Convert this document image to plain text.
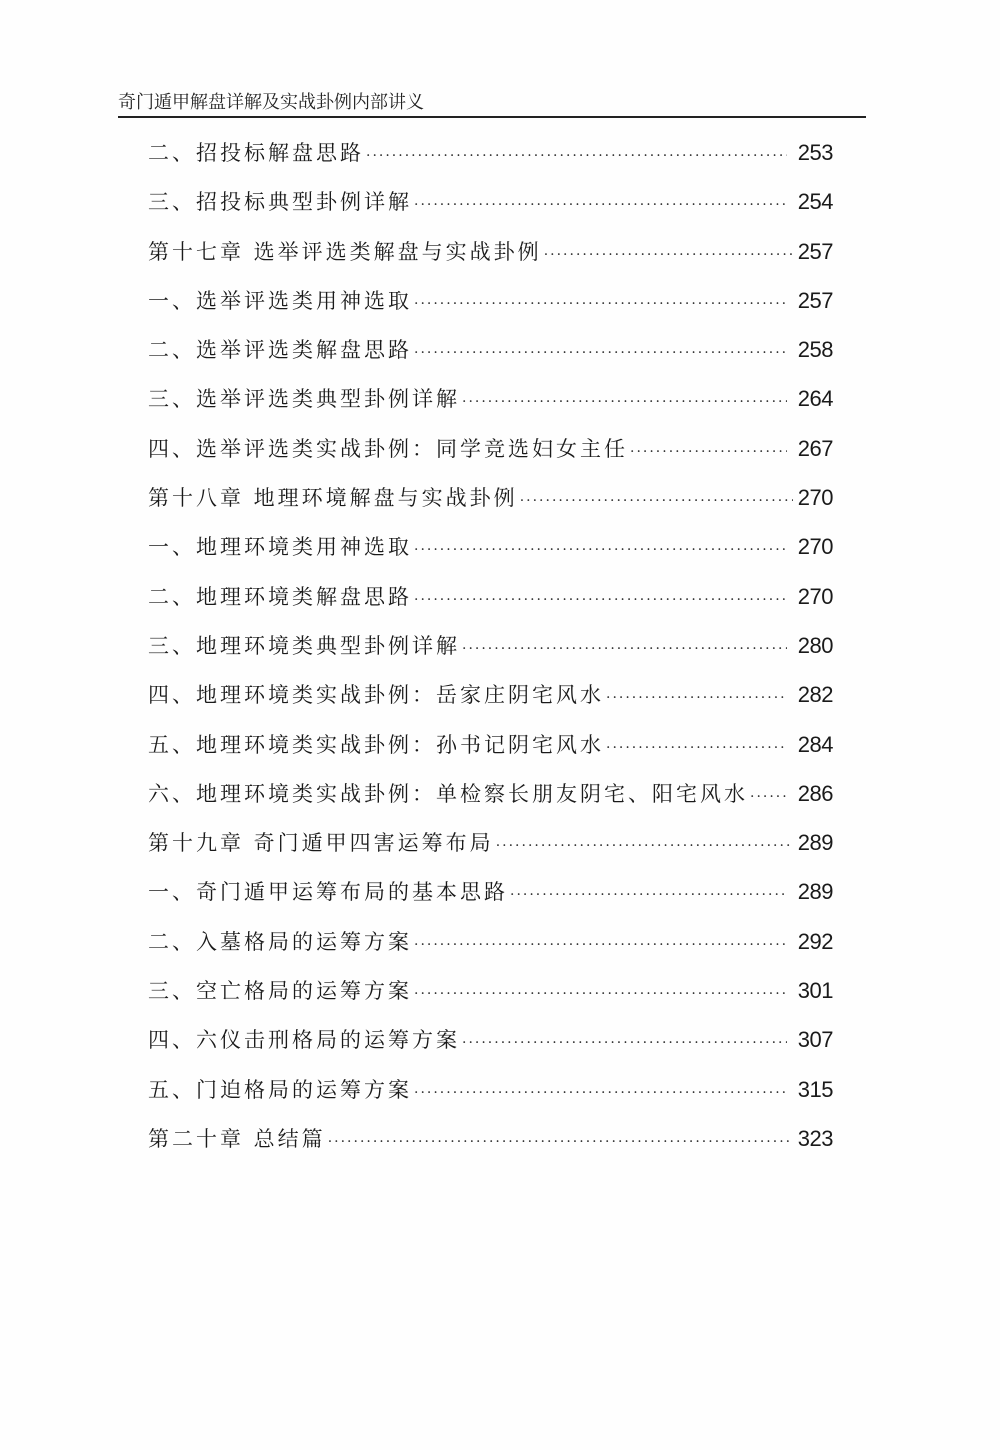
奇门遁甲解盘详解及实战卦例内部讲义
二、招投标解盘思路 ·····	253
三、招投标典型卦例详解 ·····	254
第十七章 选举评选类解盘与实战卦例 ·····	257
一、选举评选类用神选取 ·····	257
二、选举评选类解盘思路 ·····	258
三、选举评选类典型卦例详解 ·····	264
四、选举评选类实战卦例：同学竞选妇女主任 ·····	267
第十八章 地理环境解盘与实战卦例 ·····	270
一、地理环境类用神选取 ·····	270
二、地理环境类解盘思路 ·····	270
三、地理环境类典型卦例详解 ·····	280
四、地理环境类实战卦例：岳家庄阴宅风水 ·····	282
五、地理环境类实战卦例：孙书记阴宅风水 ·····	284
六、地理环境类实战卦例：单检察长朋友阴宅、阳宅风水 ····· 286
第十九章 奇门遁甲四害运筹布局 ·····	289
一、奇门遁甲运筹布局的基本思路 ·····	289
二、入墓格局的运筹方案 ·····	292
三、空亡格局的运筹方案 ·····	301
四、六仪击刑格局的运筹方案 ·····	307
五、门迫格局的运筹方案 ·····	315
第二十章 总结篇 ·····	323
